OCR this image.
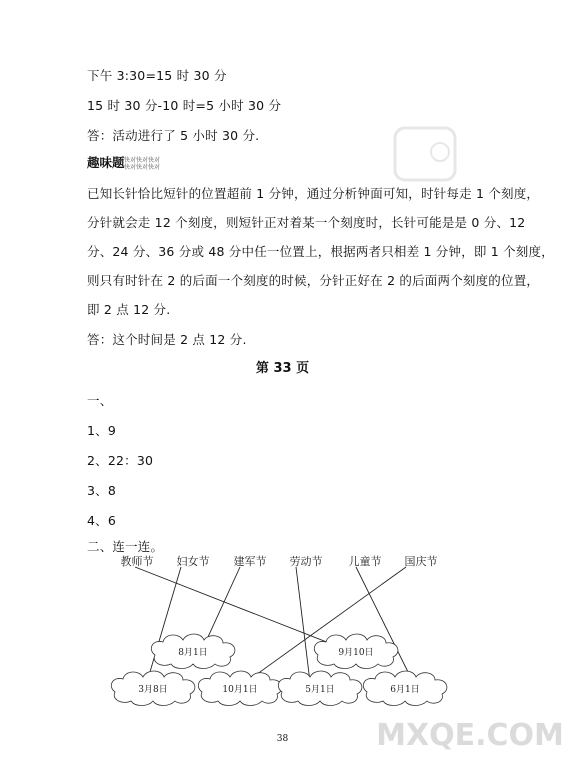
下午 3:30=15 时 30 分
15 时 30 分-10 时=5 小时 30 分
答：活动进行了 5 小时 30 分.
趣味题 快对快对快对
快对快对快对
已知长针恰比短针的位置超前 1 分钟，通过分析钟面可知，时针每走 1 个刻度，
分针就会走 12 个刻度，则短针正对着某一个刻度时，长针可能是是 0 分、12
分、24 分、36 分或 48 分中任一位置上，根据两者只相差 1 分钟，即 1 个刻度，
则只有时针在 2 的后面一个刻度的时候，分针正好在 2 的后面两个刻度的位置，
即 2 点 12 分.
答：这个时间是 2 点 12 分.
第 33 页
一、
1、9
2、22：30
3、8
4、6
二、连一连。
教师节 妇女节 建军节 劳动节 儿童节 国庆节
8月1日	9月10日
3月8日	10月1日	5月1日	6月1日
MXQE.COM
38
